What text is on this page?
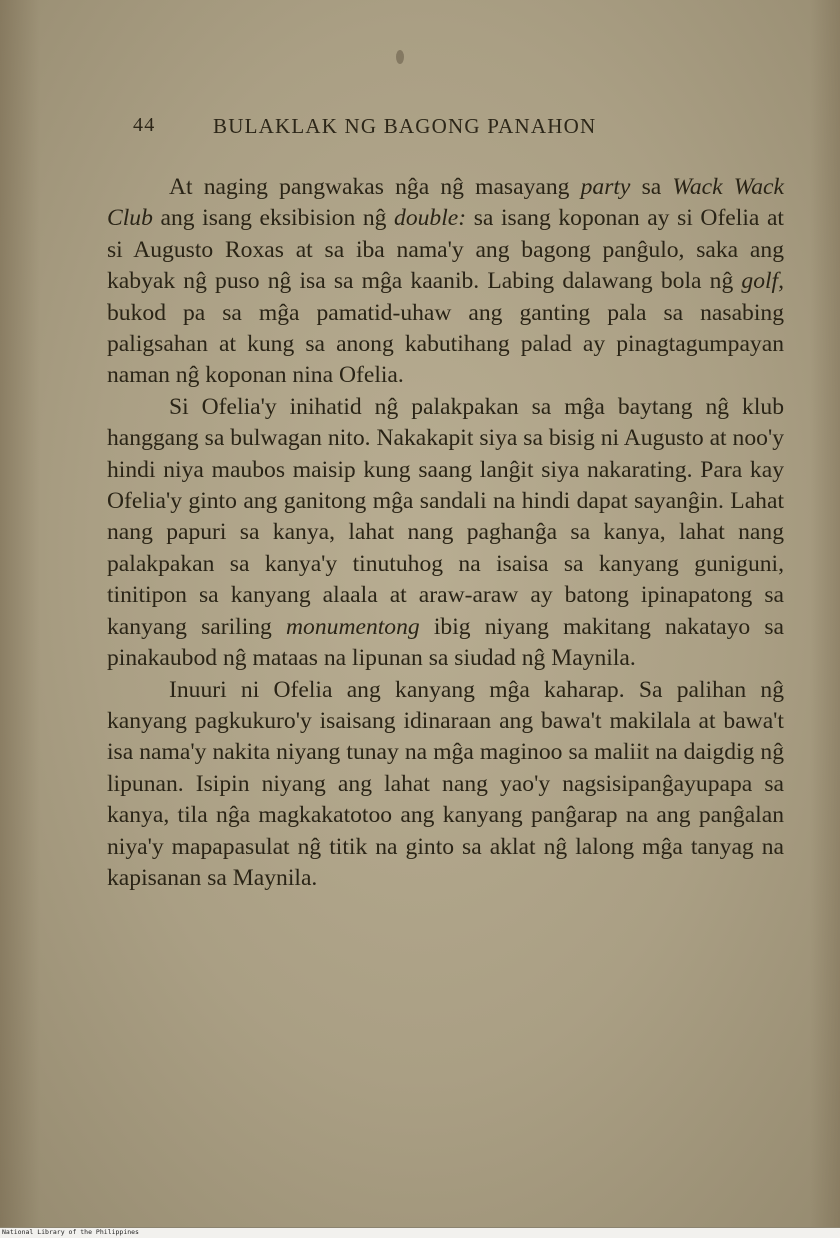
44	BULAKLAK NG BAGONG PANAHON

At naging pangwakas nĝa nĝ masayang party sa Wack Wack Club ang isang eksibision nĝ double: sa isang koponan ay si Ofelia at si Augusto Roxas at sa iba nama'y ang bagong panĝulo, saka ang kabyak nĝ puso nĝ isa sa mĝa kaanib. Labing dalawang bola nĝ golf, bukod pa sa mĝa pamatid-uhaw ang ganting pala sa nasabing paligsahan at kung sa anong kabutihang palad ay pinagtagumpayan naman nĝ koponan nina Ofelia.

Si Ofelia'y inihatid nĝ palakpakan sa mĝa baytang nĝ klub hanggang sa bulwagan nito. Nakakapit siya sa bisig ni Augusto at noo'y hindi niya maubos maisip kung saang lanĝit siya nakarating. Para kay Ofelia'y ginto ang ganitong mĝa sandali na hindi dapat sayanĝin. Lahat nang papuri sa kanya, lahat nang paghanĝa sa kanya, lahat nang palakpakan sa kanya'y tinutuhog na isaisa sa kanyang guniguni, tinitipon sa kanyang alaala at araw-araw ay batong ipinapatong sa kanyang sariling monumentong ibig niyang makitang nakatayo sa pinakaubod nĝ mataas na lipunan sa siudad nĝ Maynila.

Inuuri ni Ofelia ang kanyang mĝa kaharap. Sa palihan nĝ kanyang pagkukuro'y isaisang idinaraan ang bawa't makilala at bawa't isa nama'y nakita niyang tunay na mĝa maginoo sa maliit na daigdig nĝ lipunan. Isipin niyang ang lahat nang yao'y nagsisipanĝayupapa sa kanya, tila nĝa magkakatotoo ang kanyang panĝarap na ang panĝalan niya'y mapapasulat nĝ titik na ginto sa aklat nĝ lalong mĝa tanyag na kapisanan sa Maynila.

National Library of the Philippines
